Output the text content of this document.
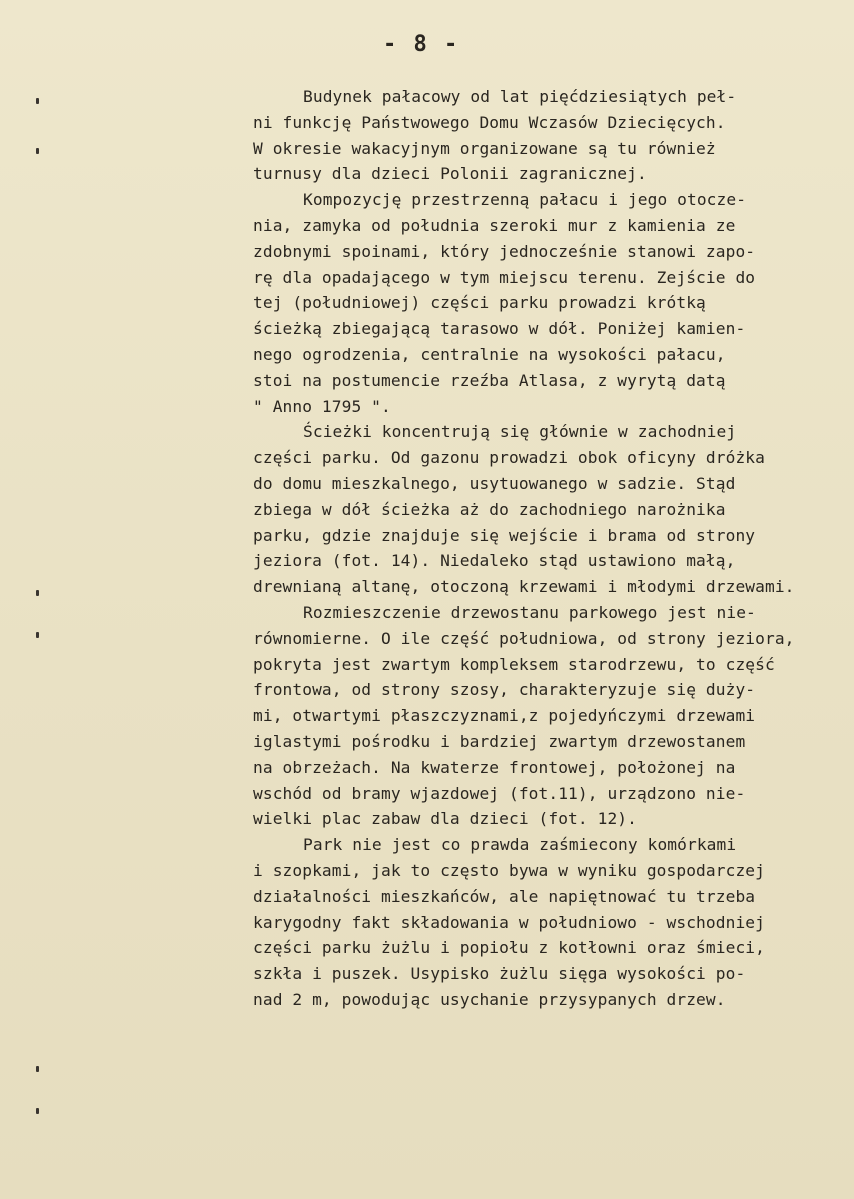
- 8 -
Budynek pałacowy od lat pięćdziesiątych peł-
ni funkcję Państwowego Domu Wczasów Dziecięcych.
W okresie wakacyjnym organizowane są tu również
turnusy dla dzieci Polonii zagranicznej.
Kompozycję przestrzenną pałacu i jego otocze-
nia, zamyka od południa szeroki mur z kamienia ze
zdobnymi spoinami, który jednocześnie stanowi zapo-
rę dla opadającego w tym miejscu terenu. Zejście do
tej (południowej) części parku prowadzi krótką
ścieżką zbiegającą tarasowo w dół. Poniżej kamien-
nego ogrodzenia, centralnie na wysokości pałacu,
stoi na postumencie rzeźba Atlasa, z wyrytą datą
" Anno 1795 ".
Ścieżki koncentrują się głównie w zachodniej
części parku. Od gazonu prowadzi obok oficyny dróżka
do domu mieszkalnego, usytuowanego w sadzie. Stąd
zbiega w dół ścieżka aż do zachodniego narożnika
parku, gdzie znajduje się wejście i brama od strony
jeziora (fot. 14). Niedaleko stąd ustawiono małą,
drewnianą altanę, otoczoną krzewami i młodymi drzewami.
Rozmieszczenie drzewostanu parkowego jest nie-
równomierne. O ile część południowa, od strony jeziora,
pokryta jest zwartym kompleksem starodrzewu, to część
frontowa, od strony szosy, charakteryzuje się duży-
mi, otwartymi płaszczyznami,z pojedyńczymi drzewami
iglastymi pośrodku i bardziej zwartym drzewostanem
na obrzeżach. Na kwaterze frontowej, położonej na
wschód od bramy wjazdowej (fot.11), urządzono nie-
wielki plac zabaw dla dzieci (fot. 12).
Park nie jest co prawda zaśmiecony komórkami
i szopkami, jak to często bywa w wyniku gospodarczej
działalności mieszkańców, ale napiętnować tu trzeba
karygodny fakt składowania w południowo - wschodniej
części parku żużlu i popiołu z kotłowni oraz śmieci,
szkła i puszek. Usypisko żużlu sięga wysokości po-
nad 2 m, powodując usychanie przysypanych drzew.
